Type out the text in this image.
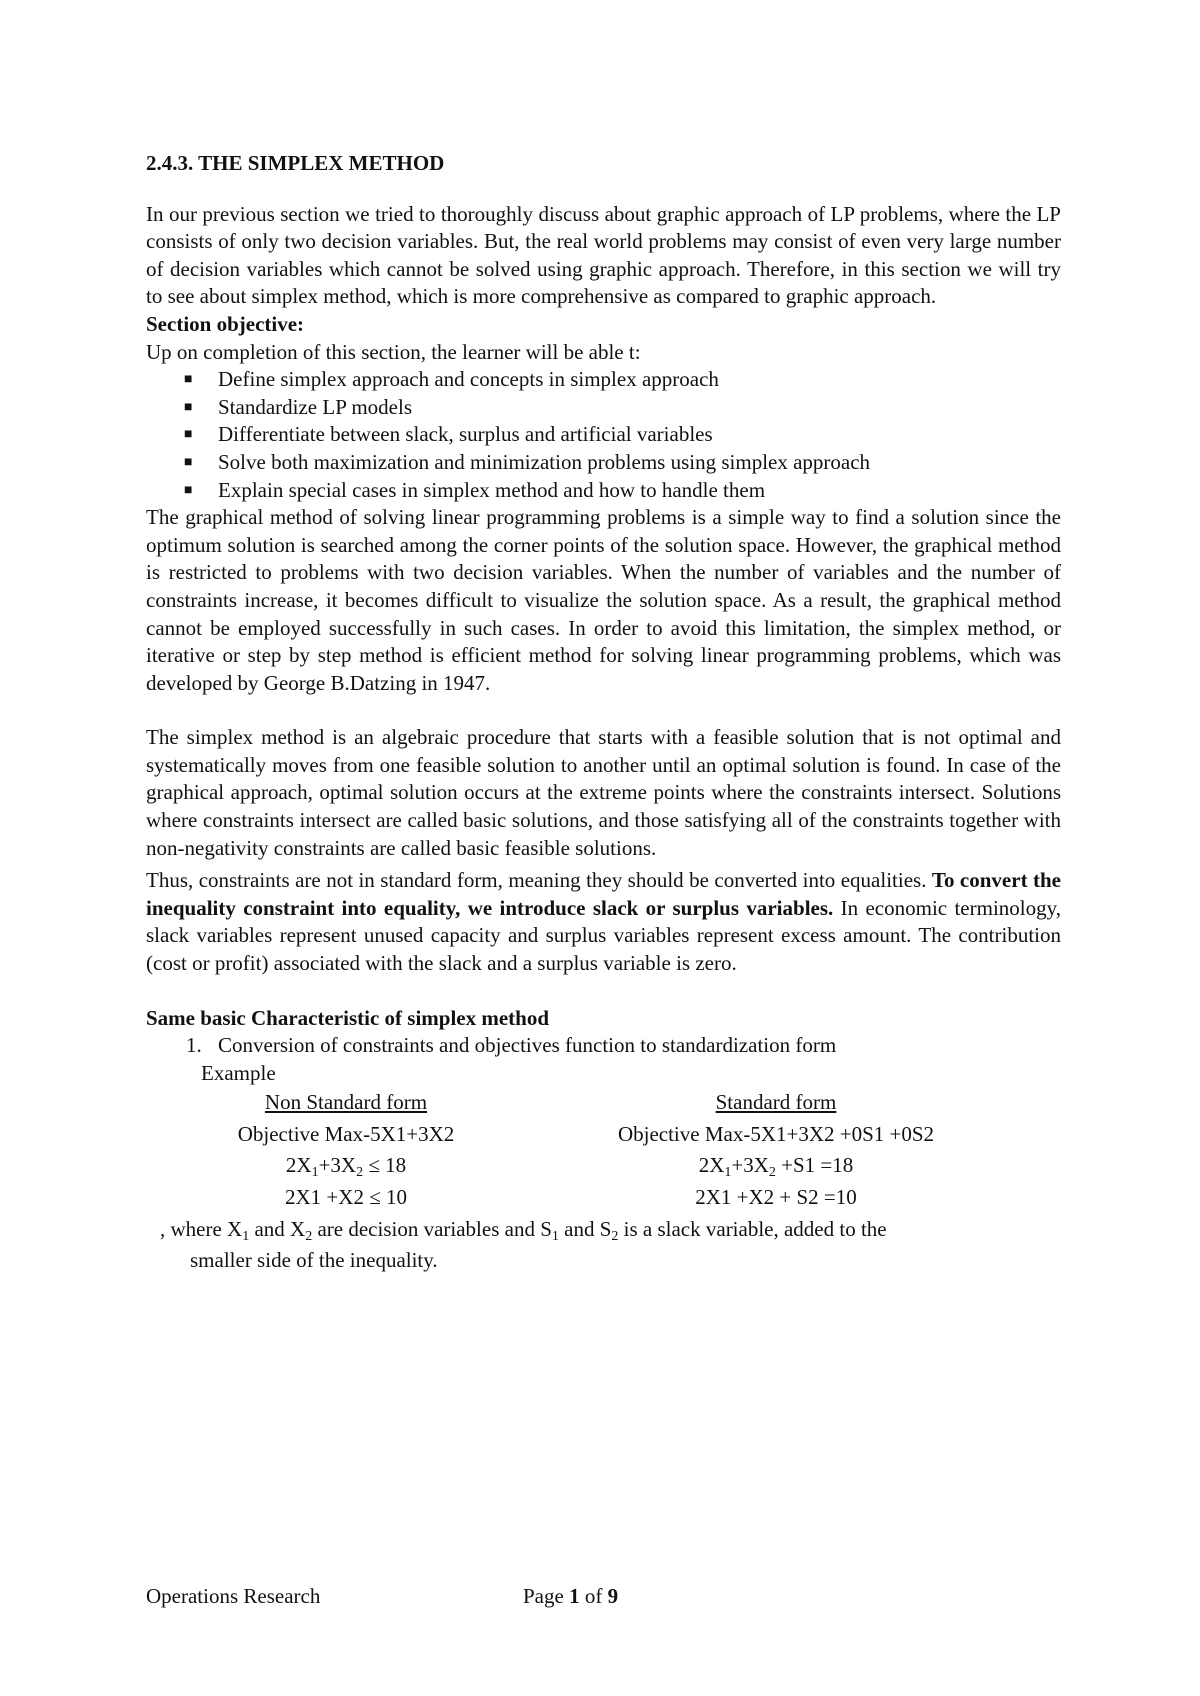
2.4.3. THE SIMPLEX METHOD

In our previous section we tried to thoroughly discuss about graphic approach of LP problems, where the LP consists of only two decision variables. But, the real world problems may consist of even very large number of decision variables which cannot be solved using graphic approach. Therefore, in this section we will try to see about simplex method, which is more comprehensive as compared to graphic approach.

Section objective:

Up on completion of this section, the learner will be able t:

■ Define simplex approach and concepts in simplex approach
■ Standardize LP models
■ Differentiate between slack, surplus and artificial variables
■ Solve both maximization and minimization problems using simplex approach
■ Explain special cases in simplex method and how to handle them

The graphical method of solving linear programming problems is a simple way to find a solution since the optimum solution is searched among the corner points of the solution space. However, the graphical method is restricted to problems with two decision variables. When the number of variables and the number of constraints increase, it becomes difficult to visualize the solution space. As a result, the graphical method cannot be employed successfully in such cases. In order to avoid this limitation, the simplex method, or iterative or step by step method is efficient method for solving linear programming problems, which was developed by George B.Datzing in 1947.

The simplex method is an algebraic procedure that starts with a feasible solution that is not optimal and systematically moves from one feasible solution to another until an optimal solution is found. In case of the graphical approach, optimal solution occurs at the extreme points where the constraints intersect. Solutions where constraints intersect are called basic solutions, and those satisfying all of the constraints together with non-negativity constraints are called basic feasible solutions.

Thus, constraints are not in standard form, meaning they should be converted into equalities. To convert the inequality constraint into equality, we introduce slack or surplus variables. In economic terminology, slack variables represent unused capacity and surplus variables represent excess amount. The contribution (cost or profit) associated with the slack and a surplus variable is zero.

Same basic Characteristic of simplex method

1. Conversion of constraints and objectives function to standardization form

Example

Non Standard form
Objective Max-5X1+3X2
$2X_1+3X_2 \le 18$
2X1 +X2 ≤ 10
Standard form
Objective Max-5X1+3X2 +0S1 +0S2
$2X_1+3X_2 +S1 =18$
2X1 +X2 + S2 =10

, where $X_1$ and $X_2$ are decision variables and $S_1$ and $S_2$ is a slack variable, added to the

smaller side of the inequality.

Operations Research	Page 1 of 9
